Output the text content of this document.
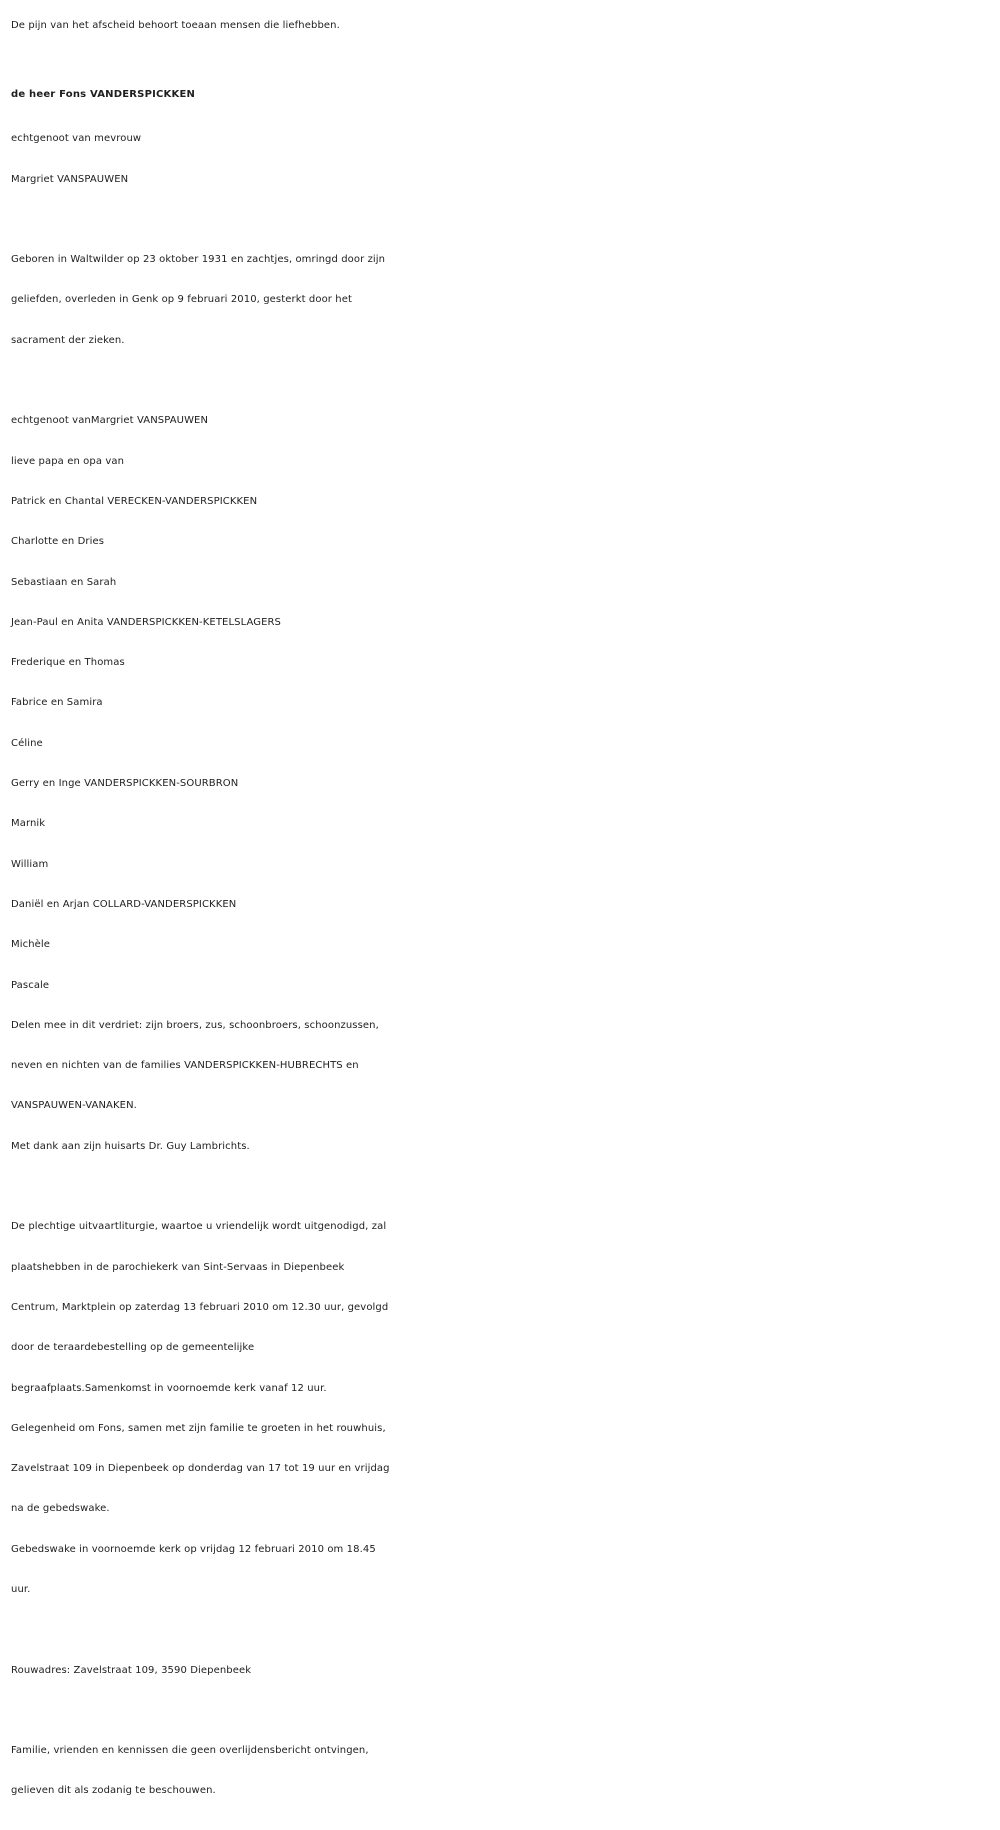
De pijn van het afscheid behoort toeaan mensen die liefhebben.
de heer Fons VANDERSPICKKEN
echtgenoot van mevrouw
Margriet VANSPAUWEN
Geboren in Waltwilder op 23 oktober 1931 en zachtjes, omringd door zijn
geliefden, overleden in Genk op 9 februari 2010, gesterkt door het
sacrament der zieken.
echtgenoot vanMargriet VANSPAUWEN
lieve papa en opa van
Patrick en Chantal VERECKEN-VANDERSPICKKEN
Charlotte en Dries
Sebastiaan en Sarah
Jean-Paul en Anita VANDERSPICKKEN-KETELSLAGERS
Frederique en Thomas
Fabrice en Samira
Céline
Gerry en Inge VANDERSPICKKEN-SOURBRON
Marnik
William
Daniël en Arjan COLLARD-VANDERSPICKKEN
Michèle
Pascale
Delen mee in dit verdriet: zijn broers, zus, schoonbroers, schoonzussen,
neven en nichten van de families VANDERSPICKKEN-HUBRECHTS en
VANSPAUWEN-VANAKEN.
Met dank aan zijn huisarts Dr. Guy Lambrichts.
De plechtige uitvaartliturgie, waartoe u vriendelijk wordt uitgenodigd, zal
plaatshebben in de parochiekerk van Sint-Servaas in Diepenbeek
Centrum, Marktplein op zaterdag 13 februari 2010 om 12.30 uur, gevolgd
door de teraardebestelling op de gemeentelijke
begraafplaats.Samenkomst in voornoemde kerk vanaf 12 uur.
Gelegenheid om Fons, samen met zijn familie te groeten in het rouwhuis,
Zavelstraat 109 in Diepenbeek op donderdag van 17 tot 19 uur en vrijdag
na de gebedswake.
Gebedswake in voornoemde kerk op vrijdag 12 februari 2010 om 18.45
uur.
Rouwadres: Zavelstraat 109, 3590 Diepenbeek
Familie, vrienden en kennissen die geen overlijdensbericht ontvingen,
gelieven dit als zodanig te beschouwen.
